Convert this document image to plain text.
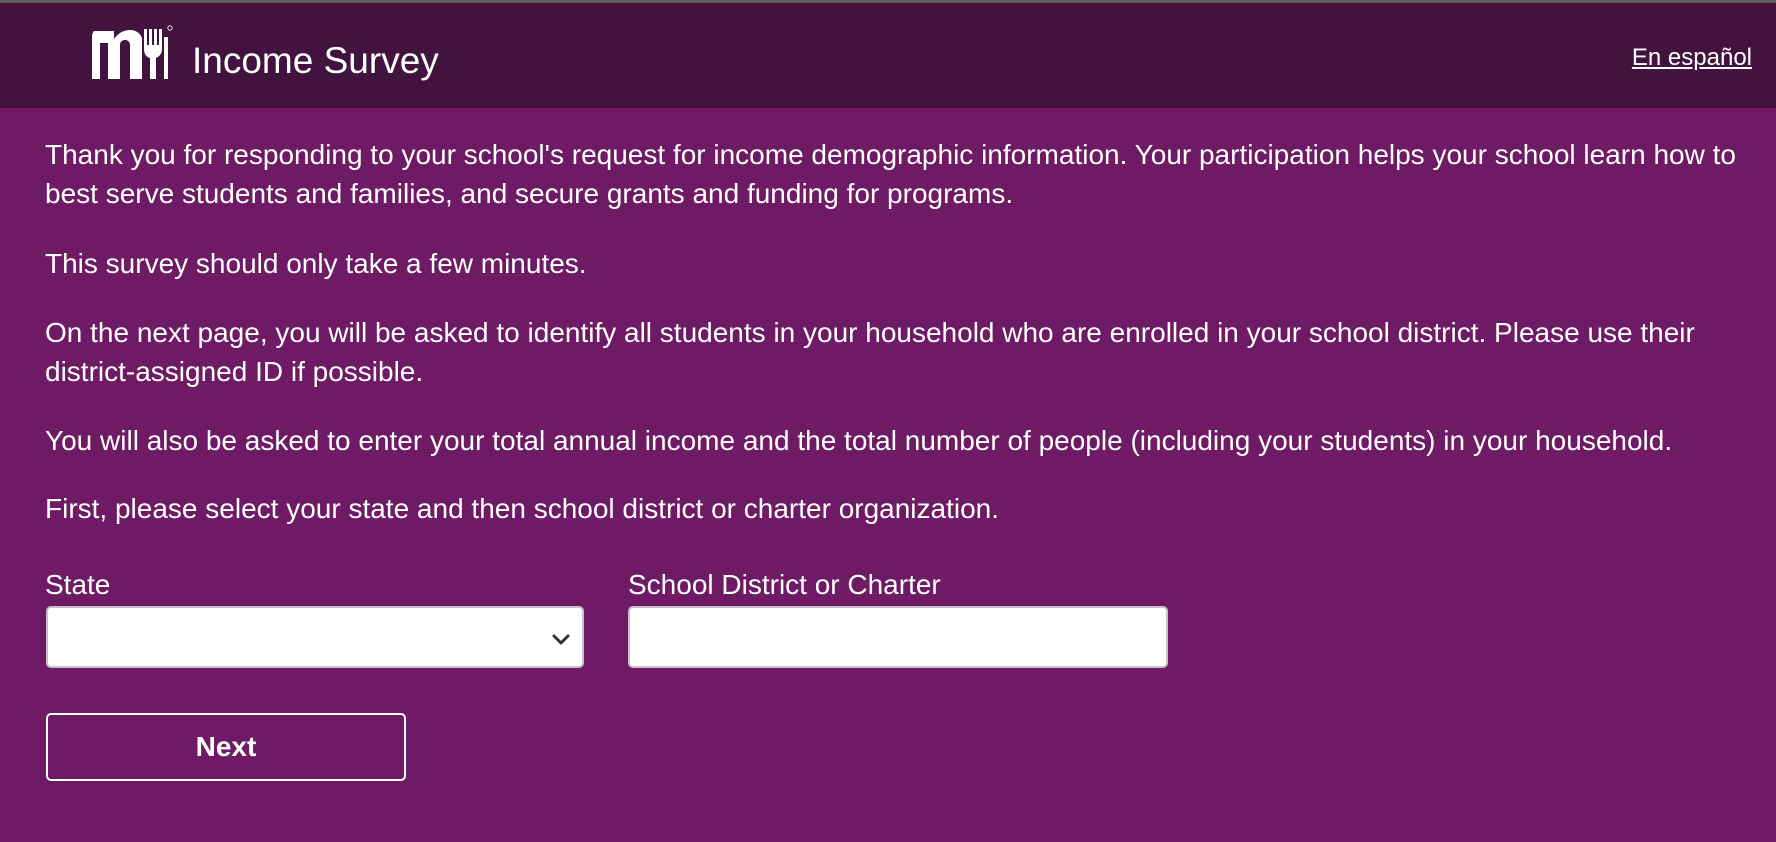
Income Survey	En español

Thank you for responding to your school's request for income demographic information. Your participation helps your school learn how to best serve students and families, and secure grants and funding for programs.

This survey should only take a few minutes.

On the next page, you will be asked to identify all students in your household who are enrolled in your school district. Please use their district-assigned ID if possible.

You will also be asked to enter your total annual income and the total number of people (including your students) in your household.

First, please select your state and then school district or charter organization.

State	School District or Charter
Next
